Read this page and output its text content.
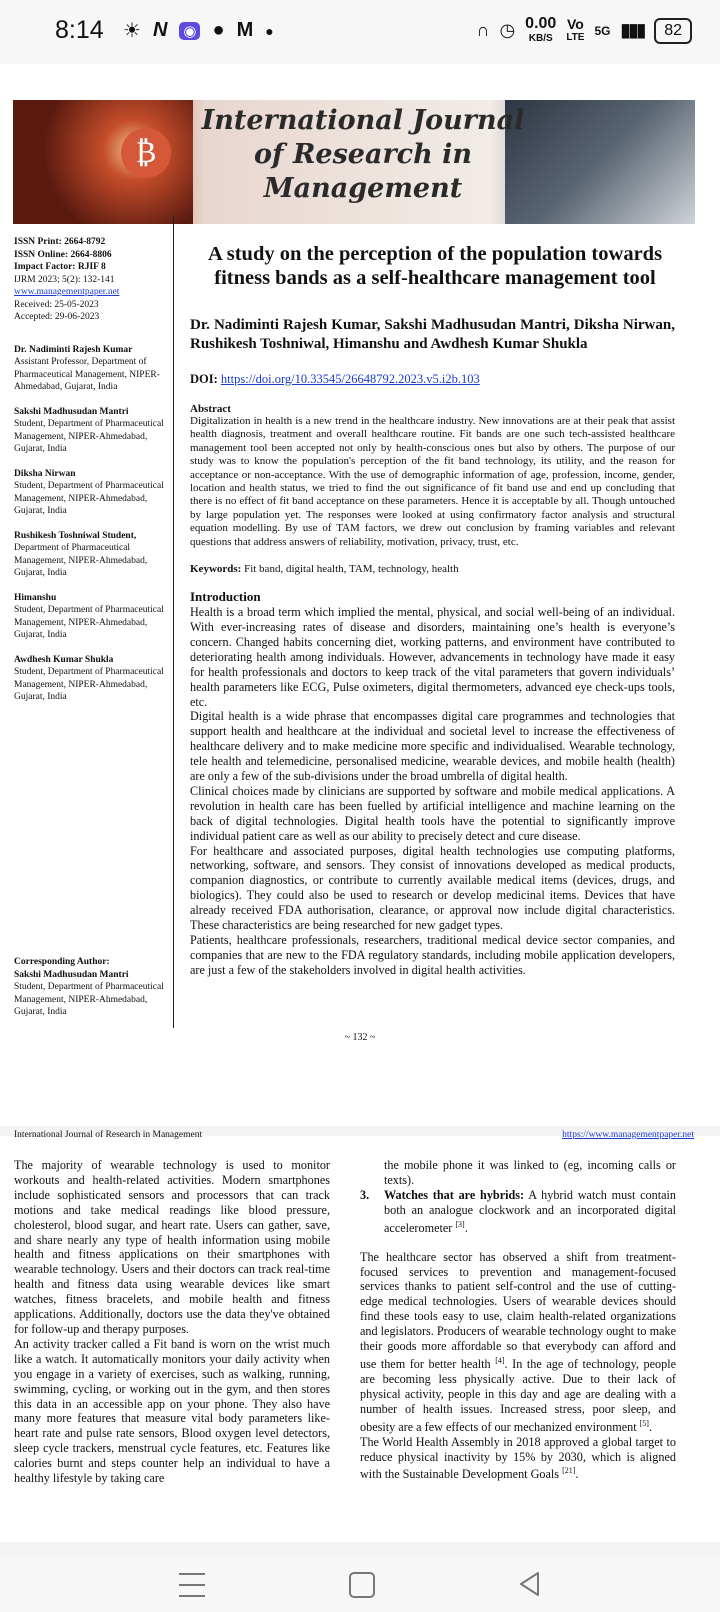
8:14 ☀ N ◉ ● M ●	∩ ◷ 0.00
KB/S
Vo
LTE 5G ▮▮▮	82
₿
International Journal of Research in Management
ISSN Print: 2664-8792
ISSN Online: 2664-8806
Impact Factor: RJIF 8
IJRM 2023; 5(2): 132-141
www.managementpaper.net
Received: 25-05-2023
Accepted: 29-06-2023
Dr. Nadiminti Rajesh Kumar
Assistant Professor, Department of Pharmaceutical Management, NIPER-Ahmedabad, Gujarat, India
Sakshi Madhusudan Mantri
Student, Department of Pharmaceutical Management, NIPER-Ahmedabad, Gujarat, India
Diksha Nirwan
Student, Department of Pharmaceutical Management, NIPER-Ahmedabad, Gujarat, India
Rushikesh Toshniwal Student,
Department of Pharmaceutical Management, NIPER-Ahmedabad, Gujarat, India
Himanshu
Student, Department of Pharmaceutical Management, NIPER-Ahmedabad, Gujarat, India
Awdhesh Kumar Shukla
Student, Department of Pharmaceutical Management, NIPER-Ahmedabad, Gujarat, India
Corresponding Author:
Sakshi Madhusudan Mantri
Student, Department of Pharmaceutical Management, NIPER-Ahmedabad, Gujarat, India
A study on the perception of the population towards fitness bands as a self-healthcare management tool
Dr. Nadiminti Rajesh Kumar, Sakshi Madhusudan Mantri, Diksha Nirwan, Rushikesh Toshniwal, Himanshu and Awdhesh Kumar Shukla
DOI: https://doi.org/10.33545/26648792.2023.v5.i2b.103
Abstract
Digitalization in health is a new trend in the healthcare industry. New innovations are at their peak that assist health diagnosis, treatment and overall healthcare routine. Fit bands are one such tech-assisted healthcare management tool been accepted not only by health-conscious ones but also by others. The purpose of our study was to know the population's perception of the fit band technology, its utility, and the reason for acceptance or non-acceptance. With the use of demographic information of age, profession, income, gender, location and health status, we tried to find the out significance of fit band use and end up concluding that there is no effect of fit band acceptance on these parameters. Hence it is acceptable by all. Though untouched by large population yet. The responses were looked at using confirmatory factor analysis and structural equation modelling. By use of TAM factors, we drew out conclusion by framing variables and relevant questions that address answers of reliability, motivation, privacy, trust, etc.
Keywords: Fit band, digital health, TAM, technology, health
Introduction

Health is a broad term which implied the mental, physical, and social well-being of an individual. With ever-increasing rates of disease and disorders, maintaining one’s health is everyone’s concern. Changed habits concerning diet, working patterns, and environment have contributed to deteriorating health among individuals. However, advancements in technology have made it easy for health professionals and doctors to keep track of the vital parameters that govern individuals’ health parameters like ECG, Pulse oximeters, digital thermometers, advanced eye check-ups tools, etc.

Digital health is a wide phrase that encompasses digital care programmes and technologies that support health and healthcare at the individual and societal level to increase the effectiveness of healthcare delivery and to make medicine more specific and individualised. Wearable technology, tele health and telemedicine, personalised medicine, wearable devices, and mobile health (health) are only a few of the sub-divisions under the broad umbrella of digital health.

Clinical choices made by clinicians are supported by software and mobile medical applications. A revolution in health care has been fuelled by artificial intelligence and machine learning on the back of digital technologies. Digital health tools have the potential to significantly improve individual patient care as well as our ability to precisely detect and cure disease.

For healthcare and associated purposes, digital health technologies use computing platforms, networking, software, and sensors. They consist of innovations developed as medical products, companion diagnostics, or contribute to currently available medical items (devices, drugs, and biologics). They could also be used to research or develop medicinal items. Devices that have already received FDA authorisation, clearance, or approval now include digital characteristics. These characteristics are being researched for new gadget types.

Patients, healthcare professionals, researchers, traditional medical device sector companies, and companies that are new to the FDA regulatory standards, including mobile application developers, are just a few of the stakeholders involved in digital health activities.

~ 132 ~
International Journal of Research in Management	https://www.managementpaper.net

The majority of wearable technology is used to monitor workouts and health-related activities. Modern smartphones include sophisticated sensors and processors that can track motions and take medical readings like blood pressure, cholesterol, blood sugar, and heart rate. Users can gather, save, and share nearly any type of health information using mobile health and fitness applications on their smartphones with wearable technology. Users and their doctors can track real-time health and fitness data using wearable devices like smart watches, fitness bracelets, and mobile health and fitness applications. Additionally, doctors use the data they've obtained for follow-up and therapy purposes.

An activity tracker called a Fit band is worn on the wrist much like a watch. It automatically monitors your daily activity when you engage in a variety of exercises, such as walking, running, swimming, cycling, or working out in the gym, and then stores this data in an accessible app on your phone. They also have many more features that measure vital body parameters like- heart rate and pulse rate sensors, Blood oxygen level detectors, sleep cycle trackers, menstrual cycle features, etc. Features like calories burnt and steps counter help an individual to have a healthy lifestyle by taking care

the mobile phone it was linked to (eg, incoming calls or texts).

3.	Watches that are hybrids: A hybrid watch must contain both an analogue clockwork and an incorporated digital accelerometer [3].

The healthcare sector has observed a shift from treatment-focused services to prevention and management-focused services thanks to patient self-control and the use of cutting-edge medical technologies. Users of wearable devices should find these tools easy to use, claim health-related organizations and legislators. Producers of wearable technology ought to make their goods more affordable so that everybody can afford and use them for better health [4]. In the age of technology, people are becoming less physically active. Due to their lack of physical activity, people in this day and age are dealing with a number of health issues. Increased stress, poor sleep, and obesity are a few effects of our mechanized environment [5].

The World Health Assembly in 2018 approved a global target to reduce physical inactivity by 15% by 2030, which is aligned with the Sustainable Development Goals [21].
